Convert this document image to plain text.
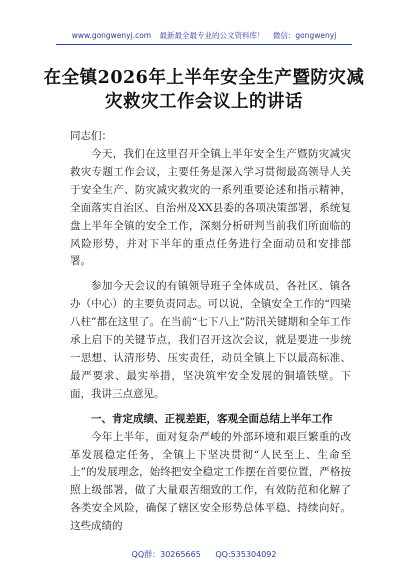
www.gongwenyj.com 最新最全最专业的公文资料库！ 微信：gongwenyj
在全镇2026年上半年安全生产暨防灾减灾救灾工作会议上的讲话
同志们：

今天，我们在这里召开全镇上半年安全生产暨防灾减灾救灾专题工作会议，主要任务是深入学习贯彻最高领导人关于安全生产、防灾减灾救灾的一系列重要论述和指示精神，全面落实自治区、自治州及XX县委的各项决策部署，系统复盘上半年全镇的安全工作，深刻分析研判当前我们所面临的风险形势，并对下半年的重点任务进行全面动员和安排部署。

参加今天会议的有镇领导班子全体成员，各社区、镇各办（中心）的主要负责同志。可以说，全镇安全工作的“四梁八柱”都在这里了。在当前“七下八上”防汛关键期和全年工作承上启下的关键节点，我们召开这次会议，就是要进一步统一思想、认清形势、压实责任，动员全镇上下以最高标准、最严要求、最实举措，坚决筑牢安全发展的铜墙铁壁。下面，我讲三点意见。

一、肯定成绩、正视差距，客观全面总结上半年工作

今年上半年，面对复杂严峻的外部环境和艰巨繁重的改革发展稳定任务，全镇上下坚决贯彻“人民至上、生命至上”的发展理念，始终把安全稳定工作摆在首要位置，严格按照上级部署，做了大量艰苦细致的工作，有效防范和化解了各类安全风险，确保了辖区安全形势总体平稳、持续向好。这些成绩的

QQ群：30265665 QQ:535304092
